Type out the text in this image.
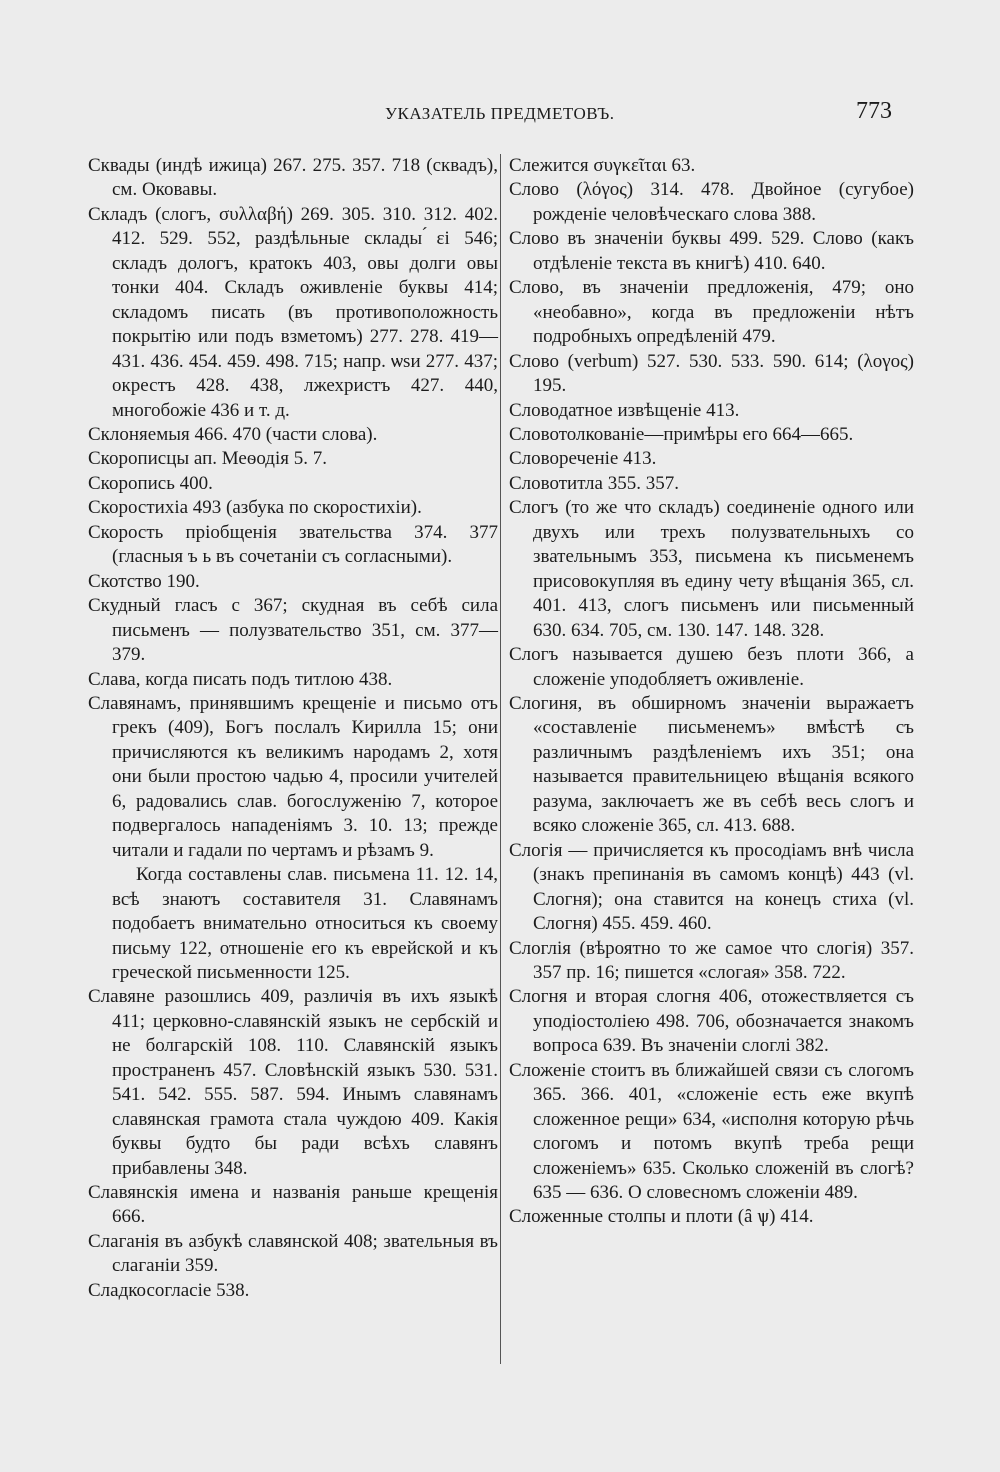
УКАЗАТЕЛЬ ПРЕДМЕТОВЪ.	773
Сквады (индѣ ижица) 267. 275. 357. 718 (сквадъ), см. Оковавы.
Складъ (слогъ, συλλαβή) 269. 305. 310. 312. 402. 412. 529. 552, раздѣльные склады ́εi 546; складъ дологъ, кратокъ 403, овы долги овы тонки 404. Складъ оживленіе буквы 414; складомъ писать (въ противоположность покрытію или подъ взметомъ) 277. 278. 419—431. 436. 454. 459. 498. 715; напр. ѡѕи 277. 437; окрестъ 428. 438, лжехристъ 427. 440, многобожіе 436 и т. д.
Склоняемыя 466. 470 (части слова).
Скорописцы ап. Меѳодія 5. 7.
Скоропись 400.
Скоростихіа 493 (азбука по скоростихіи).
Скорость пріобщенія звательства 374. 377 (гласныя ъ ь въ сочетаніи съ согласными).
Скотство 190.
Скудный гласъ с 367; скудная въ себѣ сила письменъ — полузвательство 351, см. 377—379.
Слава, когда писать подъ титлою 438.
Славянамъ, принявшимъ крещеніе и письмо отъ грекъ (409), Богъ послалъ Кирилла 15; они причисляются къ великимъ народамъ 2, хотя они были простою чадью 4, просили учителей 6, радовались слав. богослуженію 7, которое подвергалось нападеніямъ 3. 10. 13; прежде читали и гадали по чертамъ и рѣзамъ 9.
Когда составлены слав. письмена 11. 12. 14, всѣ знаютъ составителя 31. Славянамъ подобаетъ внимательно относиться къ своему письму 122, отношеніе его къ еврейской и къ греческой письменности 125.
Славяне разошлись 409, различія въ ихъ языкѣ 411; церковно-славянскій языкъ не сербскій и не болгарскій 108. 110. Славянскій языкъ пространенъ 457. Словѣнскій языкъ 530. 531. 541. 542. 555. 587. 594. Инымъ славянамъ славянская грамота стала чуждою 409. Какія буквы будто бы ради всѣхъ славянъ прибавлены 348.
Славянскія имена и названія раньше крещенія 666.
Слаганія въ азбукѣ славянской 408; звательныя въ слаганіи 359.
Сладкосогласіе 538.
Слежится συγκεῖται 63.
Слово (λόγος) 314. 478. Двойное (сугубое) рожденіе человѣческаго слова 388.
Слово въ значеніи буквы 499. 529. Слово (какъ отдѣленіе текста въ книгѣ) 410. 640.
Слово, въ значеніи предложенія, 479; оно «необавно», когда въ предложеніи нѣтъ подробныхъ опредѣленій 479.
Слово (verbum) 527. 530. 533. 590. 614; (λογος) 195.
Словодатное извѣщеніе 413.
Словотолкованіе—примѣры его 664—665.
Словореченіе 413.
Словотитла 355. 357.
Слогъ (то же что складъ) соединеніе одного или двухъ или трехъ полузвательныхъ со звательнымъ 353, письмена къ письменемъ присовокупляя въ едину чету вѣщанія 365, сл. 401. 413, слогъ письменъ или письменный 630. 634. 705, см. 130. 147. 148. 328.
Слогъ называется душею безъ плоти 366, а сложеніе уподобляетъ оживленіе.
Слогиня, въ обширномъ значеніи выражаетъ «составленіе письменемъ» вмѣстѣ съ различнымъ раздѣленіемъ ихъ 351; она называется правительницею вѣщанія всякого разума, заключаетъ же въ себѣ весь слогъ и всяко сложеніе 365, сл. 413. 688.
Слогія — причисляется къ просодіамъ внѣ числа (знакъ препинанія въ самомъ концѣ) 443 (vl. Слогня); она ставится на конецъ стиха (vl. Слогня) 455. 459. 460.
Слоглія (вѣроятно то же самое что слогія) 357. 357 пр. 16; пишется «слогая» 358. 722.
Слогня и вторая слогня 406, отожествляется съ уподіостоліею 498. 706, обозначается знакомъ вопроса 639. Въ значеніи слоглі 382.
Сложеніе стоитъ въ ближайшей связи съ слогомъ 365. 366. 401, «сложеніе есть еже вкупѣ сложенное рещи» 634, «исполня которую рѣчь слогомъ и потомъ вкупѣ треба рещи сложеніемъ» 635. Сколько сложеній въ слогѣ? 635 — 636. О словесномъ сложеніи 489.
Сложенные столпы и плоти (ȃ ѱ) 414.
